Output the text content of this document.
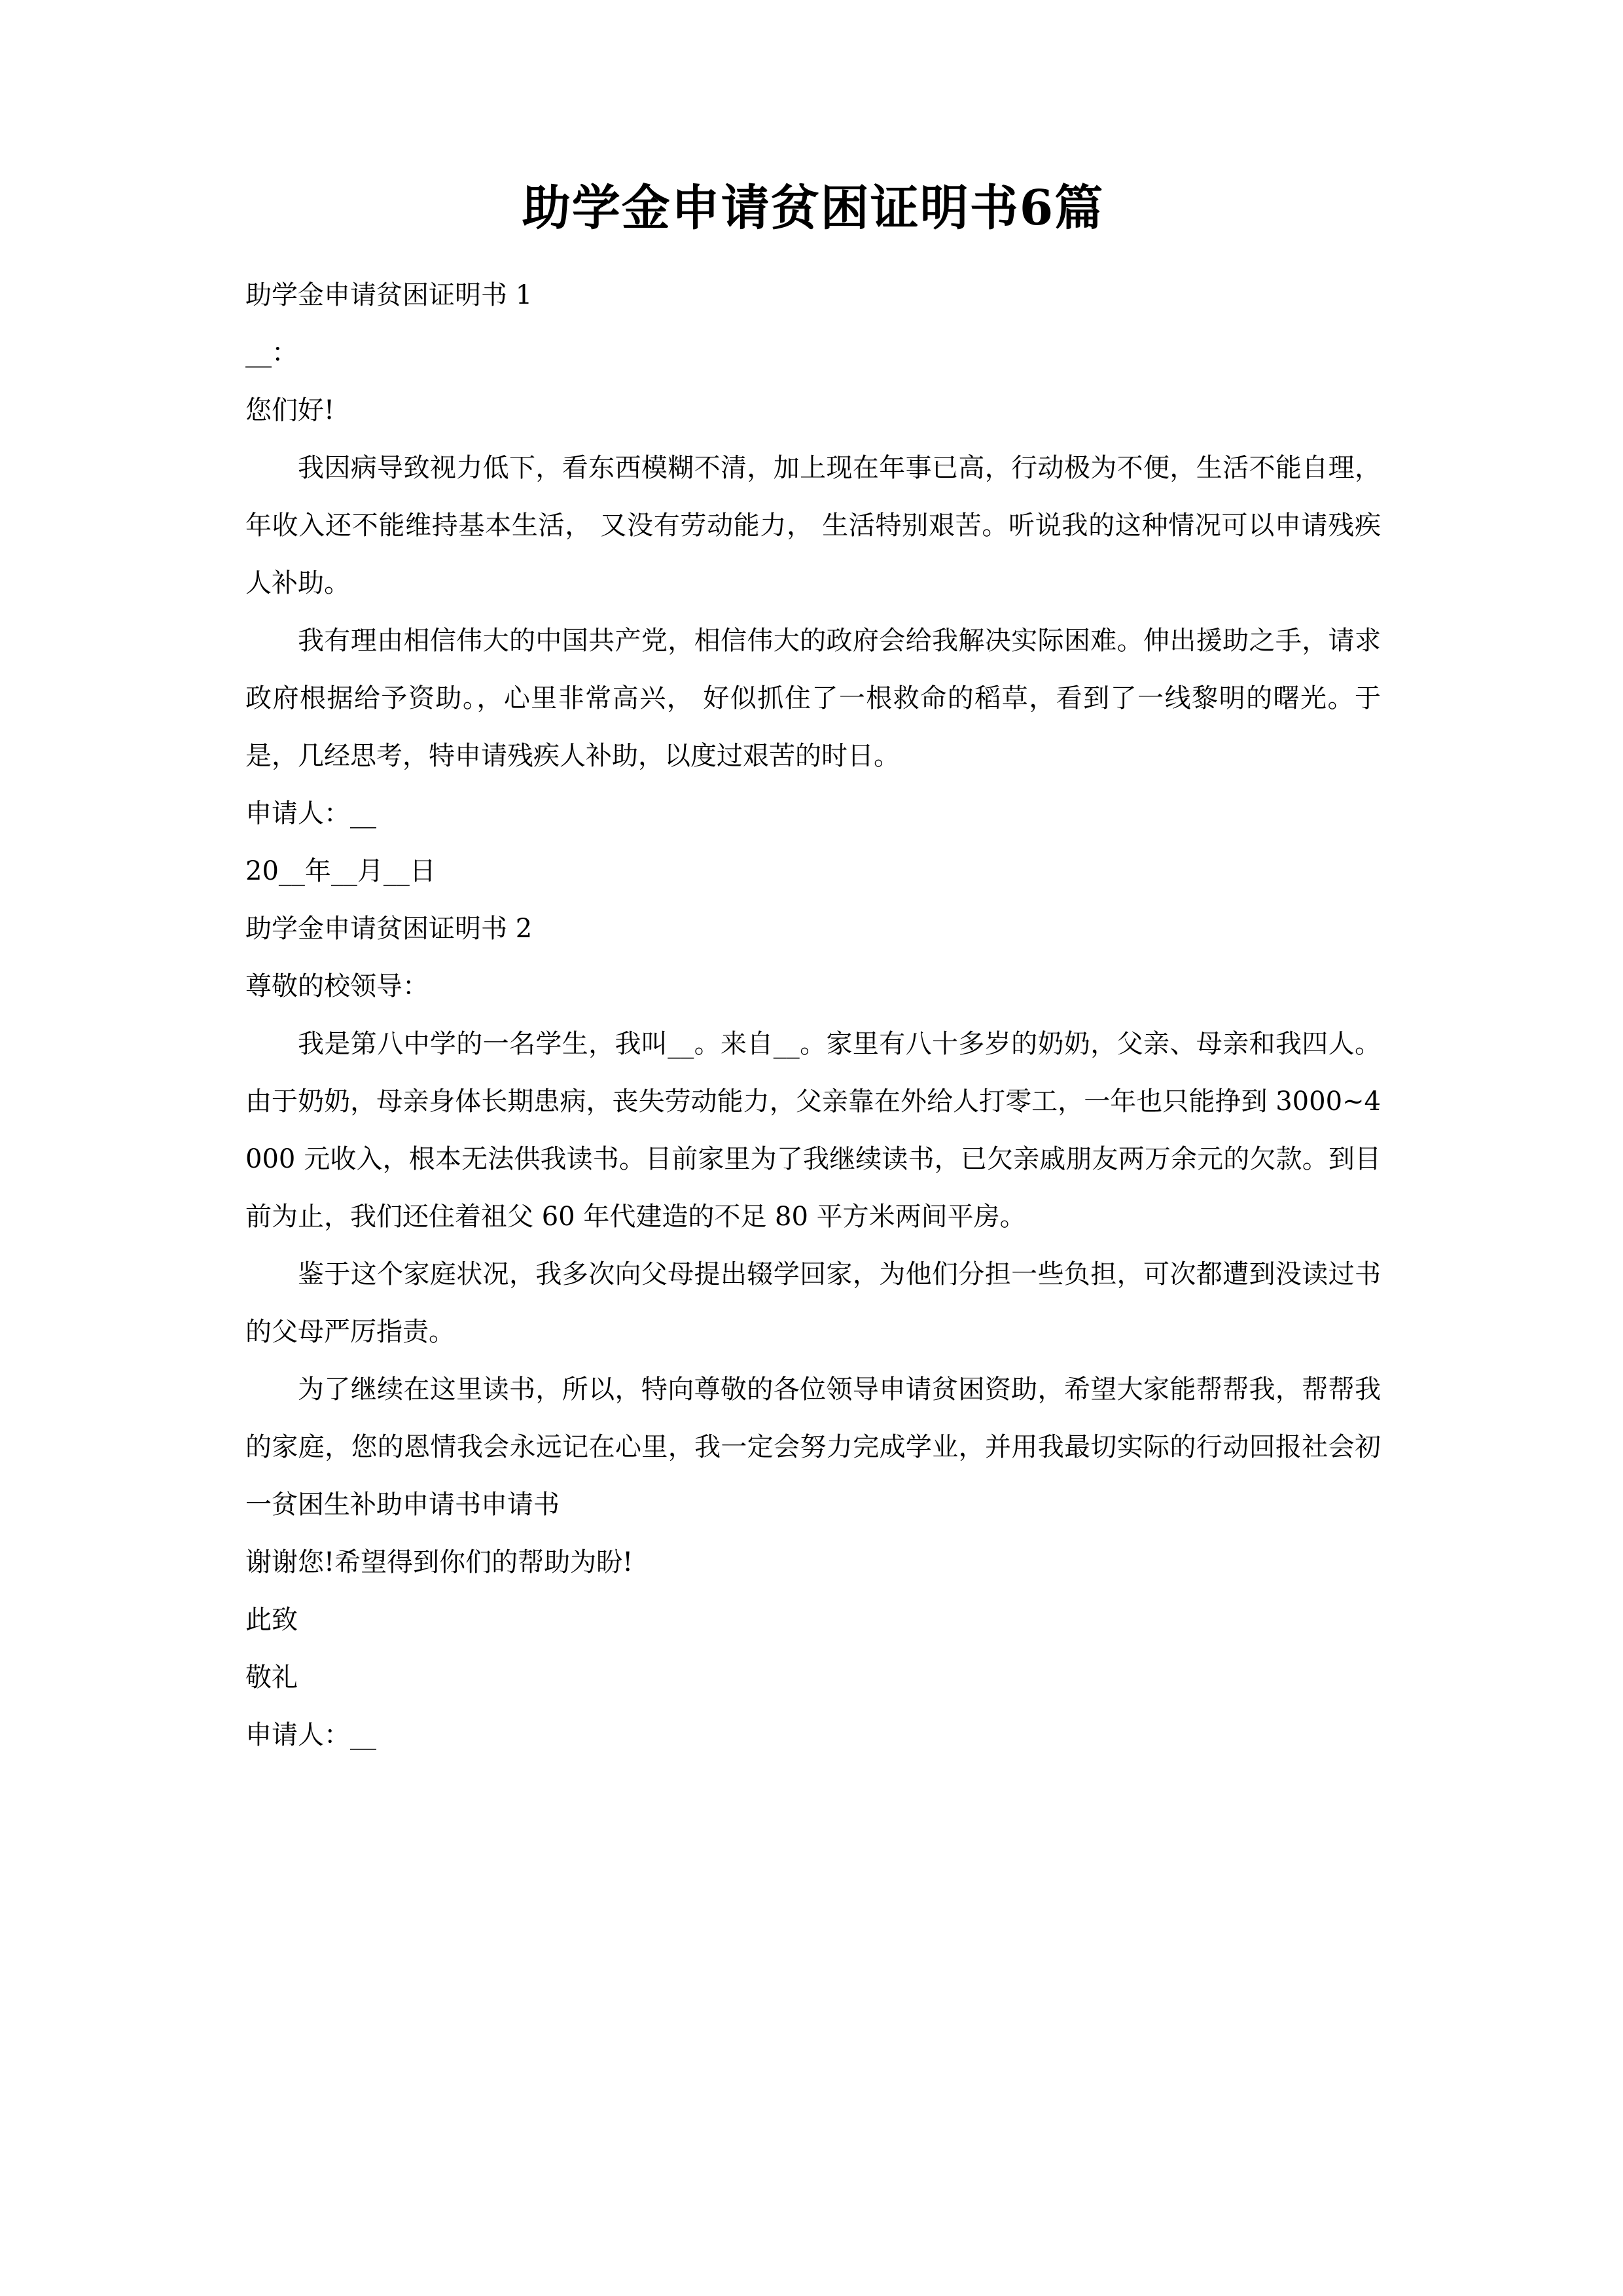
助学金申请贫困证明书6篇

助学金申请贫困证明书 1

__：

您们好!

我因病导致视力低下，看东西模糊不清，加上现在年事已高，行动极为不便，生活不能自理， 年收入还不能维持基本生活， 又没有劳动能力， 生活特别艰苦。听说我的这种情况可以申请残疾人补助。

我有理由相信伟大的中国共产党，相信伟大的政府会给我解决实际困难。伸出援助之手，请求政府根据给予资助。，心里非常高兴， 好似抓住了一根救命的稻草，看到了一线黎明的曙光。于是，几经思考，特申请残疾人补助，以度过艰苦的时日。

申请人：__

20__年__月__日

助学金申请贫困证明书 2

尊敬的校领导：

我是第八中学的一名学生，我叫__。来自__。家里有八十多岁的奶奶，父亲、母亲和我四人。由于奶奶，母亲身体长期患病，丧失劳动能力，父亲靠在外给人打零工，一年也只能挣到 3000~4000 元收入，根本无法供我读书。目前家里为了我继续读书，已欠亲戚朋友两万余元的欠款。到目前为止，我们还住着祖父 60 年代建造的不足 80 平方米两间平房。

鉴于这个家庭状况，我多次向父母提出辍学回家，为他们分担一些负担，可次都遭到没读过书的父母严厉指责。

为了继续在这里读书，所以，特向尊敬的各位领导申请贫困资助，希望大家能帮帮我，帮帮我的家庭，您的恩情我会永远记在心里，我一定会努力完成学业，并用我最切实际的行动回报社会初一贫困生补助申请书申请书

谢谢您!希望得到你们的帮助为盼!

此致

敬礼

申请人：__
